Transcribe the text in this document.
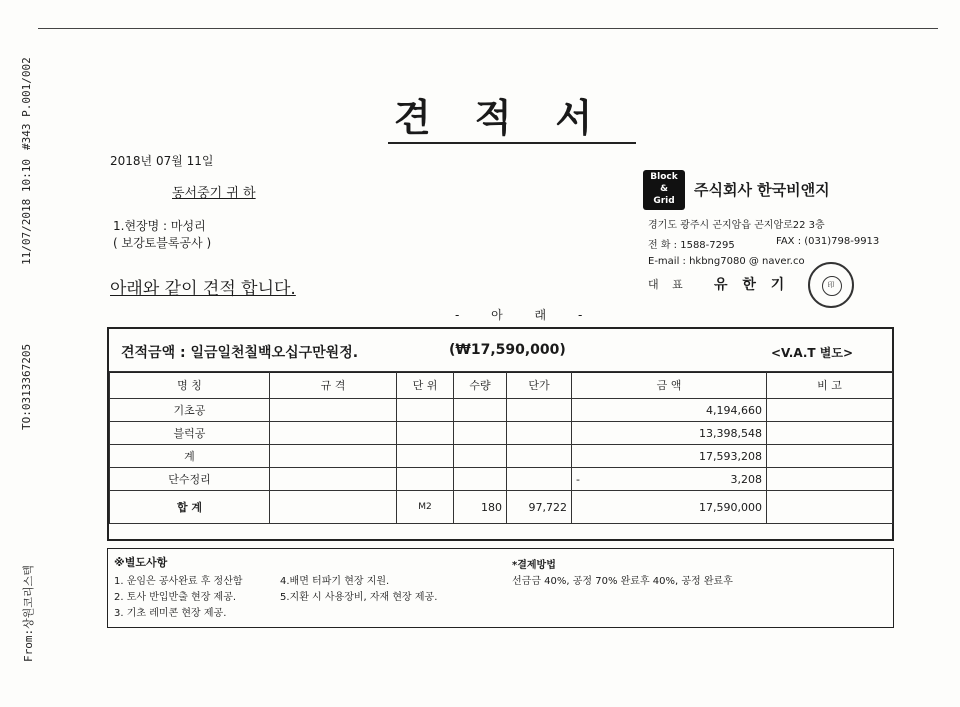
#343 P.001/002
11/07/2018 10:10
TO:0313367205
From:상원코리스텍
견적서
2018년 07월 11일
동서중기 귀 하
1.현장명 : 마성리
( 보강토블록공사 )
아래와 같이 견적 합니다.
- 아 래 -
Block
&
Grid
주식회사 한국비앤지
경기도 광주시 곤지암읍 곤지암로22 3층
전 화 : 1588-7295	FAX : (031)798-9913
E-mail : hkbng7080 @ naver.co
대 표 유 한 기	印
견적금액 : 일금일천칠백오십구만원정.	(₩17,590,000)	<V.A.T 별도>
명 칭	규 격	단 위	수량	단가	금 액	비 고
기초공					4,194,660	
블럭공					13,398,548	
계					17,593,208	
단수정리					- 3,208	

합 계		M2	180	97,722	17,590,000	
※별도사항
1. 운임은 공사완료 후 정산함
2. 토사 반입반출 현장 제공.
3. 기초 레미콘 현장 제공.
4.배면 터파기 현장 지원.
5.지환 시 사용장비, 자재 현장 제공.
*결제방법
선금금 40%, 공정 70% 완료후 40%, 공정 완료후
